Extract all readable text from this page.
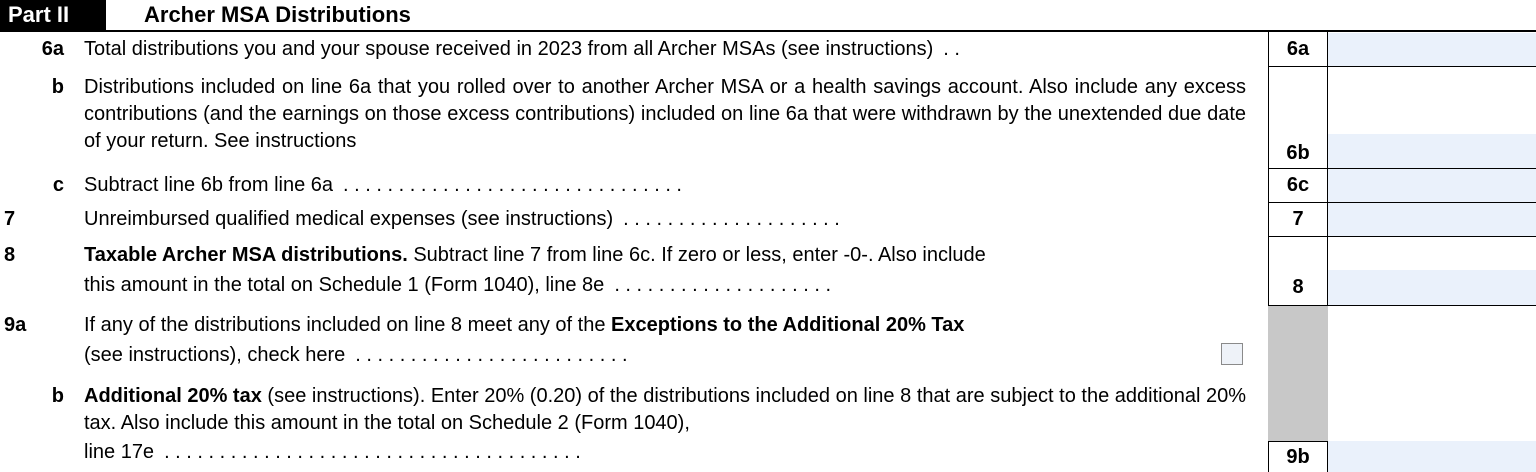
Part II	Archer MSA Distributions
6a Total distributions you and your spouse received in 2023 from all Archer MSAs (see instructions) . .	6a
b Distributions included on line 6a that you rolled over to another Archer MSA or a health savings account. Also include any excess contributions (and the earnings on those excess contributions) included on line 6a that were withdrawn by the unextended due date of your return. See instructions
6b
c Subtract line 6b from line 6a . . . . . . . . . . . . . . . . . . . . . . . . . . . . . . .	6c
7	Unreimbursed qualified medical expenses (see instructions) . . . . . . . . . . . . . . . . . . . .	7
8	Taxable Archer MSA distributions. Subtract line 7 from line 6c. If zero or less, enter -0-. Also include
this amount in the total on Schedule 1 (Form 1040), line 8e . . . . . . . . . . . . . . . . . . . .	8
9a	If any of the distributions included on line 8 meet any of the Exceptions to the Additional 20% Tax
(see instructions), check here . . . . . . . . . . . . . . . . . . . . . . . . .
b Additional 20% tax (see instructions). Enter 20% (0.20) of the distributions included on line 8 that are subject to the additional 20% tax. Also include this amount in the total on Schedule 2 (Form 1040),
line 17e . . . . . . . . . . . . . . . . . . . . . . . . . . . . . . . . . . . . . .	9b
